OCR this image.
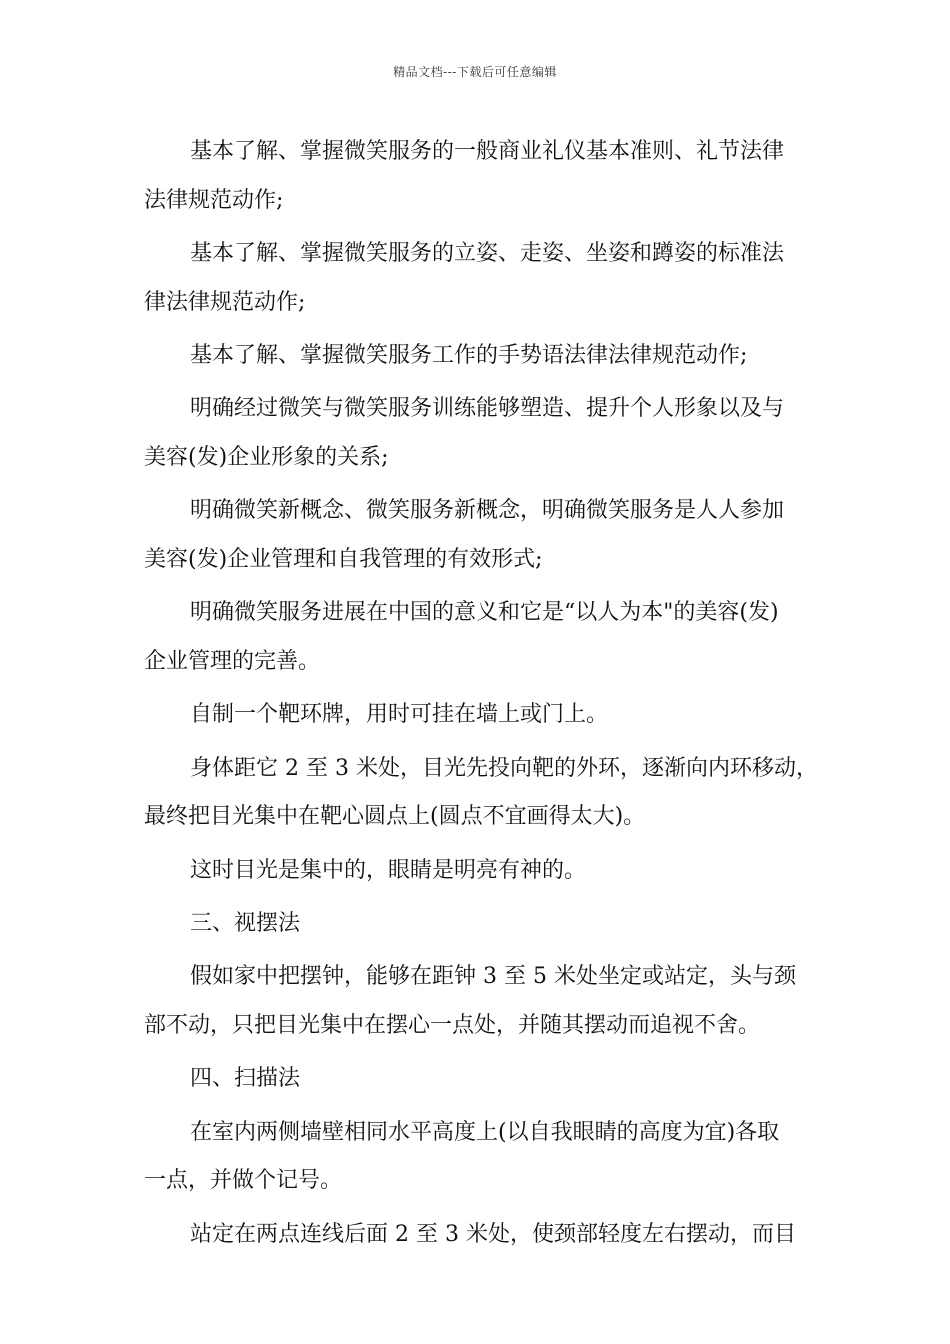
精品文档---下载后可任意编辑

基本了解、掌握微笑服务的一般商业礼仪基本准则、礼节法律
法律规范动作;

基本了解、掌握微笑服务的立姿、走姿、坐姿和蹲姿的标准法
律法律规范动作;

基本了解、掌握微笑服务工作的手势语法律法律规范动作;

明确经过微笑与微笑服务训练能够塑造、提升个人形象以及与
美容(发)企业形象的关系;

明确微笑新概念、微笑服务新概念，明确微笑服务是人人参加
美容(发)企业管理和自我管理的有效形式;

明确微笑服务进展在中国的意义和它是“以人为本"的美容(发)
企业管理的完善。

自制一个靶环牌，用时可挂在墙上或门上。

身体距它 2 至 3 米处，目光先投向靶的外环，逐渐向内环移动，
最终把目光集中在靶心圆点上(圆点不宜画得太大)。

这时目光是集中的，眼睛是明亮有神的。

三、视摆法

假如家中把摆钟，能够在距钟 3 至 5 米处坐定或站定，头与颈
部不动，只把目光集中在摆心一点处，并随其摆动而追视不舍。

四、扫描法

在室内两侧墙壁相同水平高度上(以自我眼睛的高度为宜)各取
一点，并做个记号。

站定在两点连线后面 2 至 3 米处，使颈部轻度左右摆动，而目
